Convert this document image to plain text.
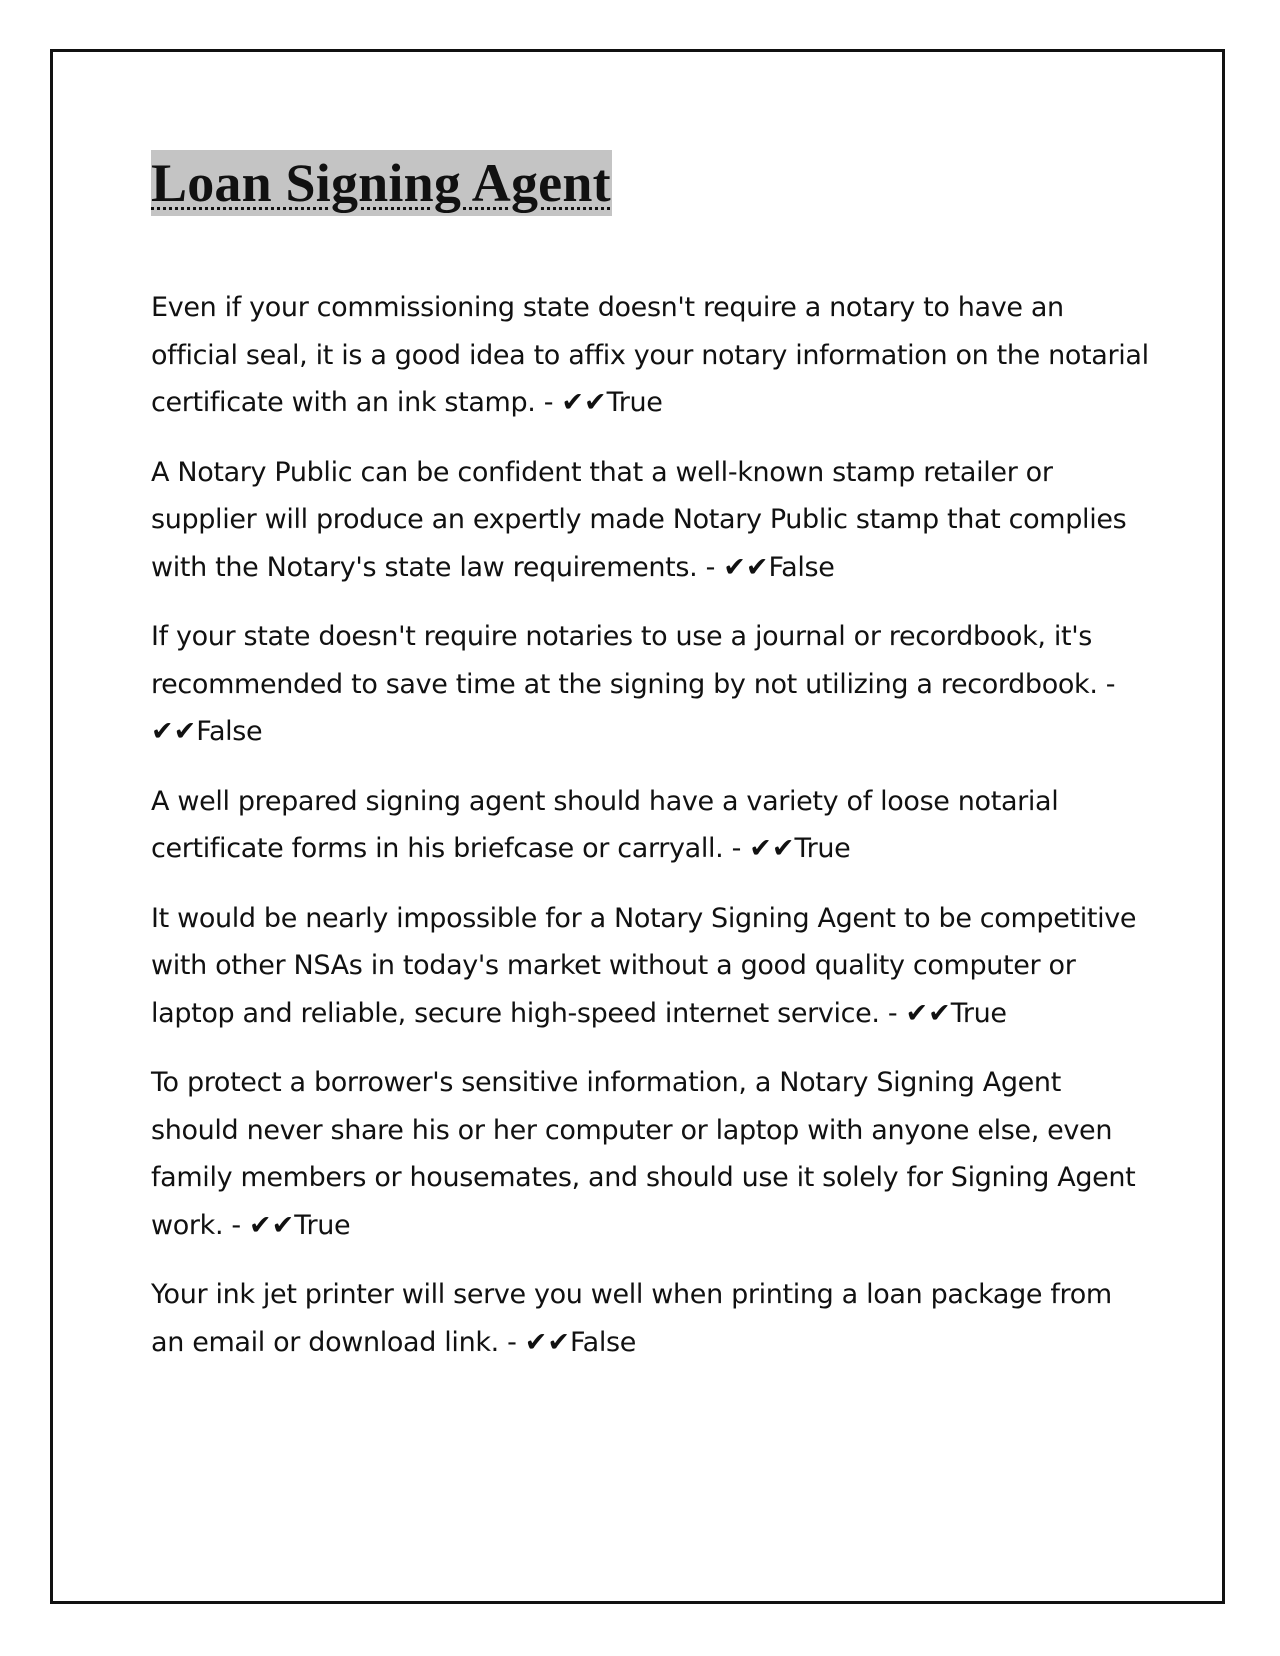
Loan Signing Agent

Even if your commissioning state doesn't require a notary to have an official seal, it is a good idea to affix your notary information on the notarial certificate with an ink stamp. - ✔✔True

A Notary Public can be confident that a well-known stamp retailer or supplier will produce an expertly made Notary Public stamp that complies with the Notary's state law requirements. - ✔✔False

If your state doesn't require notaries to use a journal or recordbook, it's recommended to save time at the signing by not utilizing a recordbook. - ✔✔False

A well prepared signing agent should have a variety of loose notarial certificate forms in his briefcase or carryall. - ✔✔True

It would be nearly impossible for a Notary Signing Agent to be competitive with other NSAs in today's market without a good quality computer or laptop and reliable, secure high-speed internet service. - ✔✔True

To protect a borrower's sensitive information, a Notary Signing Agent should never share his or her computer or laptop with anyone else, even family members or housemates, and should use it solely for Signing Agent work. - ✔✔True

Your ink jet printer will serve you well when printing a loan package from an email or download link. - ✔✔False
